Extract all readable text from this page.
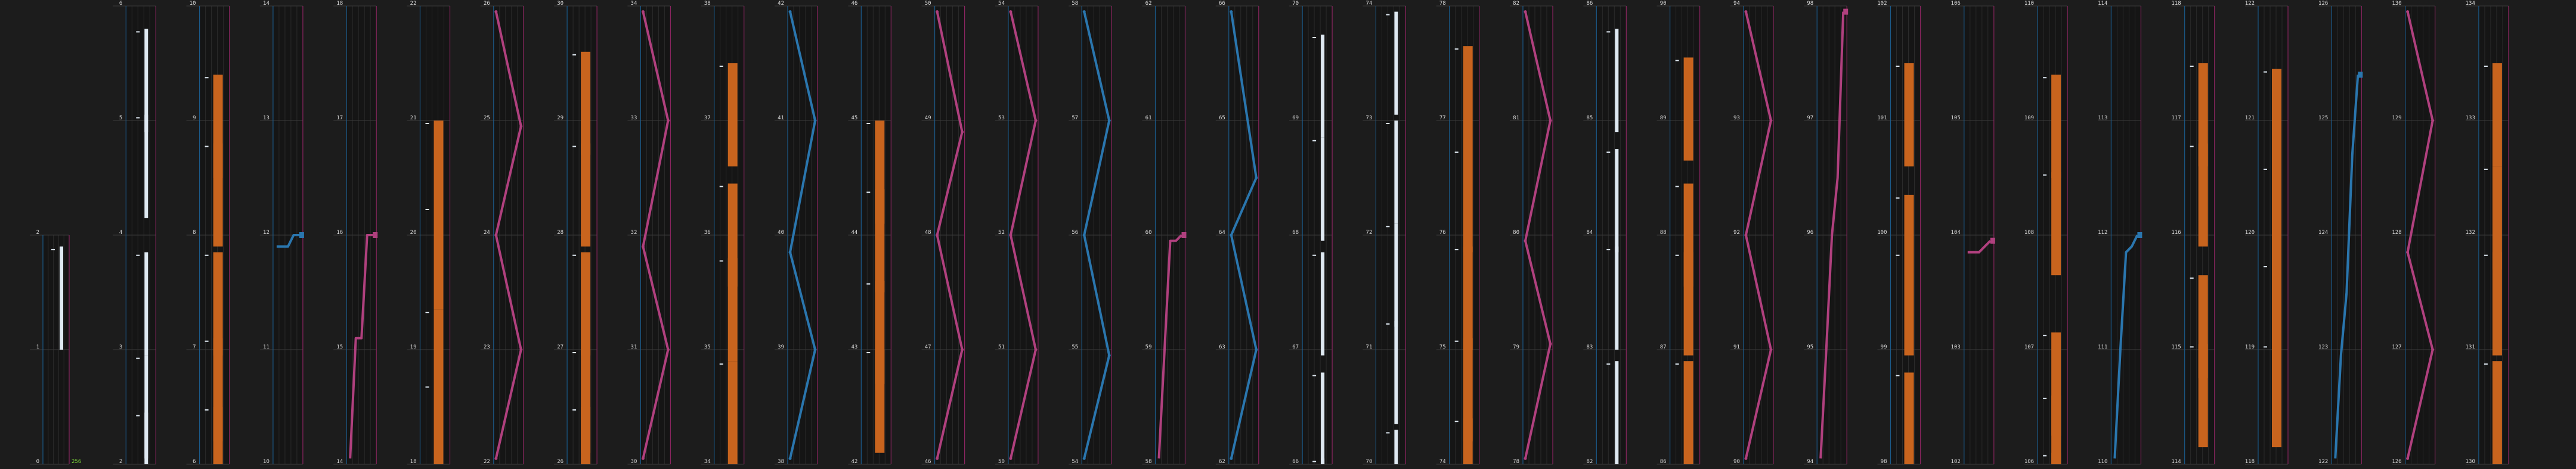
0
1
2
2
3
4
5
6
6
7
8
9
10
10
11
12
13
14
14
15
16
17
18
18
19
20
21
22
22
23
24
25
26
26
27
28
29
30
30
31
32
33
34
34
35
36
37
38
38
39
40
41
42
42
43
44
45
46
46
47
48
49
50
50
51
52
53
54
54
55
56
57
58
58
59
60
61
62
62
63
64
65
66
66
67
68
69
70
70
71
72
73
74
74
75
76
77
78
78
79
80
81
82
82
83
84
85
86
86
87
88
89
90
90
91
92
93
94
94
95
96
97
98
98
99
100
101
102
102
103
104
105
106
106
107
108
109
110
110
111
112
113
114
114
115
116
117
118
118
119
120
121
122
122
123
124
125
126
126
127
128
129
130
130
131
132
133
134
256
